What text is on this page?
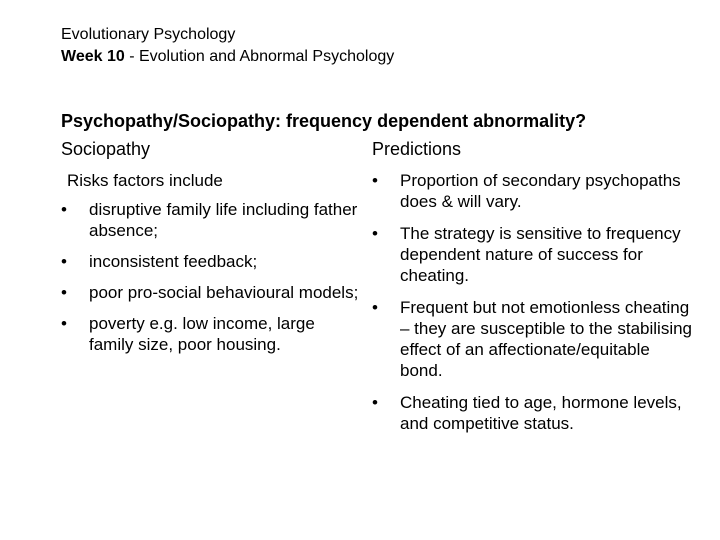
Evolutionary Psychology
Week 10 - Evolution and Abnormal Psychology
Psychopathy/Sociopathy: frequency dependent abnormality?
Sociopathy	Predictions
Risks factors include
• disruptive family life including father absence;
• inconsistent feedback;
• poor pro-social behavioural models;
• poverty e.g. low income, large family size, poor housing.
• Proportion of secondary psychopaths does & will vary.
• The strategy is sensitive to frequency dependent nature of success for cheating.
• Frequent but not emotionless cheating – they are susceptible to the stabilising effect of an affectionate/equitable bond.
• Cheating tied to age, hormone levels, and competitive status.
